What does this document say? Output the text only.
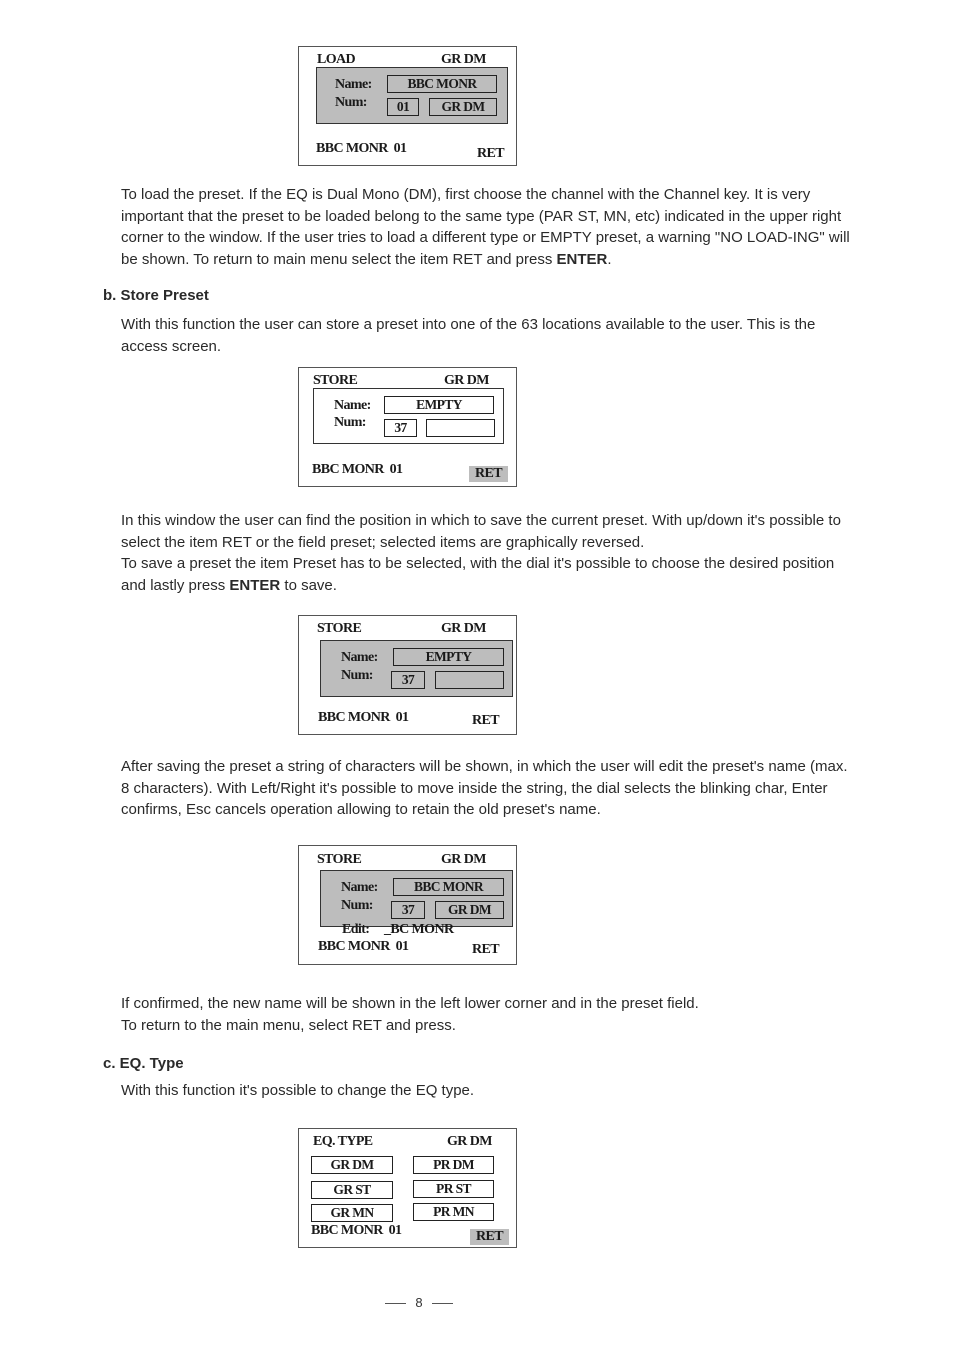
LOAD	GR DM
Name:	BBC MONR
Num:	01	GR DM
BBC MONR  01	RET

To load the preset. If the EQ is Dual Mono (DM), first choose the channel with the Channel key. It is very important that the preset to be loaded belong to the same type (PAR ST, MN, etc) indicated in the upper right corner to the window. If the user tries to load a different type or EMPTY preset, a warning "NO LOAD-ING" will be shown. To return to main menu select the item RET and press ENTER.

b. Store Preset

With this function the user can store a preset into one of the 63 locations available to the user. This is the access screen.

STORE	GR DM
Name:	EMPTY
Num:	37
BBC MONR  01	RET
In this window the user can find the position in which to save the current preset. With up/down it's possible to select the item RET or the field preset; selected items are graphically reversed.
To save a preset the item Preset has to be selected, with the dial it's possible to choose the desired position and lastly press ENTER to save.
STORE	GR DM
Name:	EMPTY
Num:	37
BBC MONR  01	RET

After saving the preset a string of characters will be shown, in which the user will edit the preset's name (max. 8 characters). With Left/Right it's possible to move inside the string, the dial selects the blinking char, Enter confirms, Esc cancels operation allowing to retain the old preset's name.

STORE	GR DM
Name:	BBC MONR
Num:	37	GR DM
Edit: _BC MONR
BBC MONR  01	RET
If confirmed, the new name will be shown in the left lower corner and in the preset field.
To return to the main menu, select RET and press.

c. EQ. Type

With this function it's possible to change the EQ type.

EQ. TYPE	GR DM
GR DM	PR DM
GR ST	PR ST
GR MN	PR MN
BBC MONR  01	RET
8
